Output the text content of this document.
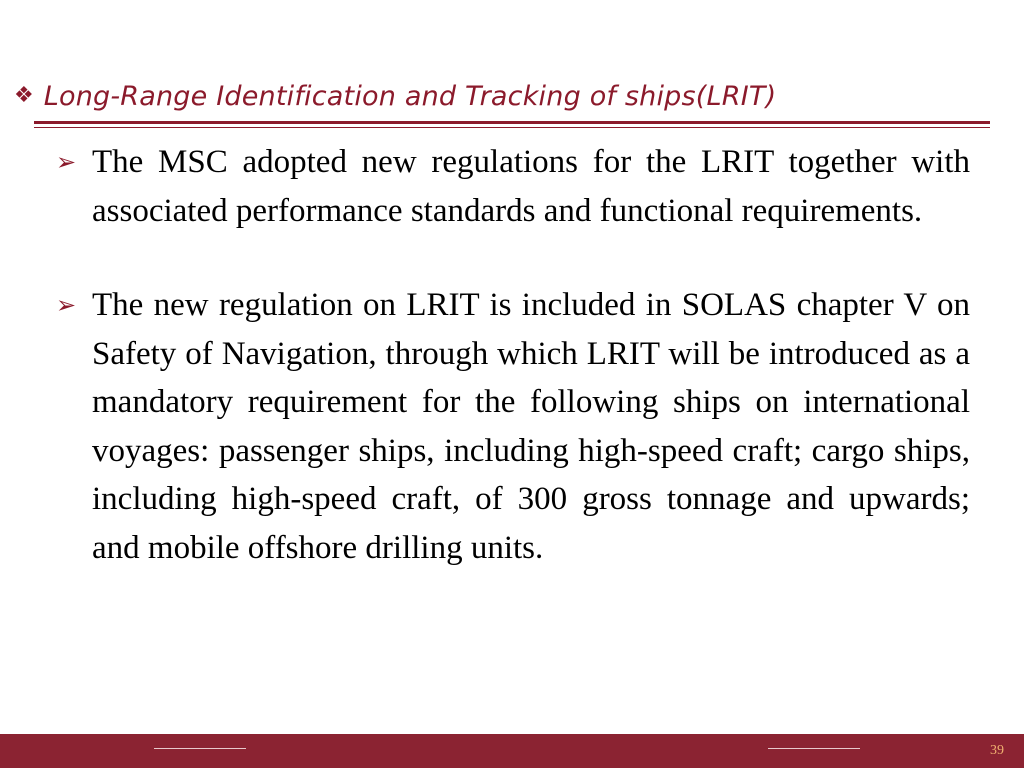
❖ Long-Range Identification and Tracking of ships(LRIT)
➢ The MSC adopted new regulations for the LRIT together with associated performance standards and functional requirements.

➢ The new regulation on LRIT is included in SOLAS chapter V on Safety of Navigation, through which LRIT will be introduced as a mandatory requirement for the following ships on international voyages: passenger ships, including high-speed craft; cargo ships, including high-speed craft, of 300 gross tonnage and upwards; and mobile offshore drilling units.

39
